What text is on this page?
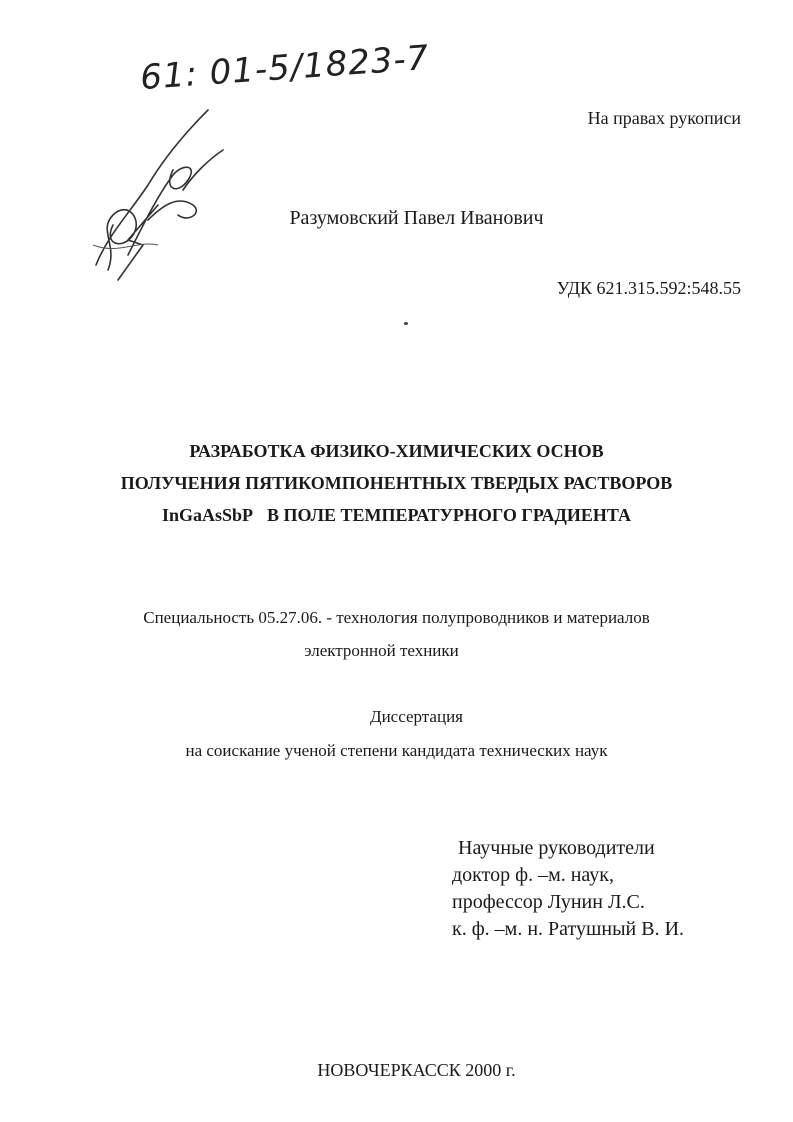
61: 01-5/1823-7
На правах рукописи
Разумовский Павел Иванович
УДК 621.315.592:548.55
РАЗРАБОТКА ФИЗИКО-ХИМИЧЕСКИХ ОСНОВ
ПОЛУЧЕНИЯ ПЯТИКОМПОНЕНТНЫХ ТВЕРДЫХ РАСТВОРОВ
InGaAsSbP В ПОЛЕ ТЕМПЕРАТУРНОГО ГРАДИЕНТА
Специальность 05.27.06. - технология полупроводников и материалов
электронной техники
Диссертация
на соискание ученой степени кандидата технических наук
Научные руководители
доктор ф. –м. наук,
профессор Лунин Л.С.
к. ф. –м. н. Ратушный В. И.
НОВОЧЕРКАССК 2000 г.
